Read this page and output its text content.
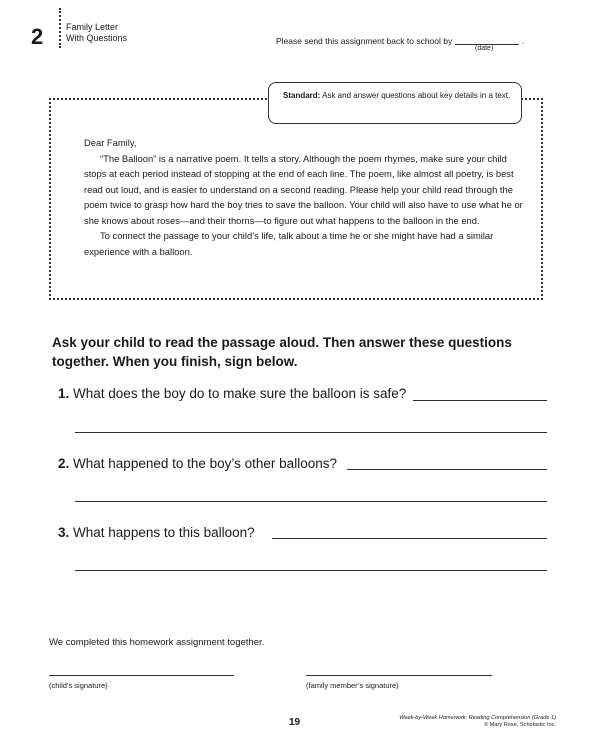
2	Family Letter
With Questions	Please send this assignment back to school by	.
(date)
Standard: Ask and answer questions about key details in a text.

Dear Family,

“The Balloon” is a narrative poem. It tells a story. Although the poem rhymes, make sure your child stops at each period instead of stopping at the end of each line. The poem, like almost all poetry, is best read out loud, and is easier to understand on a second reading. Please help your child read through the poem twice to grasp how hard the boy tries to save the balloon. Your child will also have to use what he or she knows about roses—and their thorns—to figure out what happens to the balloon in the end.

To connect the passage to your child’s life, talk about a time he or she might have had a similar experience with a balloon.

Ask your child to read the passage aloud. Then answer these questions together. When you finish, sign below.
1. What does the boy do to make sure the balloon is safe?
2. What happened to the boy’s other balloons?
3. What happens to this balloon?
We completed this homework assignment together.
(child’s signature)	(family member’s signature)
19	Week-by-Week Homework: Reading Comprehension (Grade 1)
© Mary Rose, Scholastic Inc.
